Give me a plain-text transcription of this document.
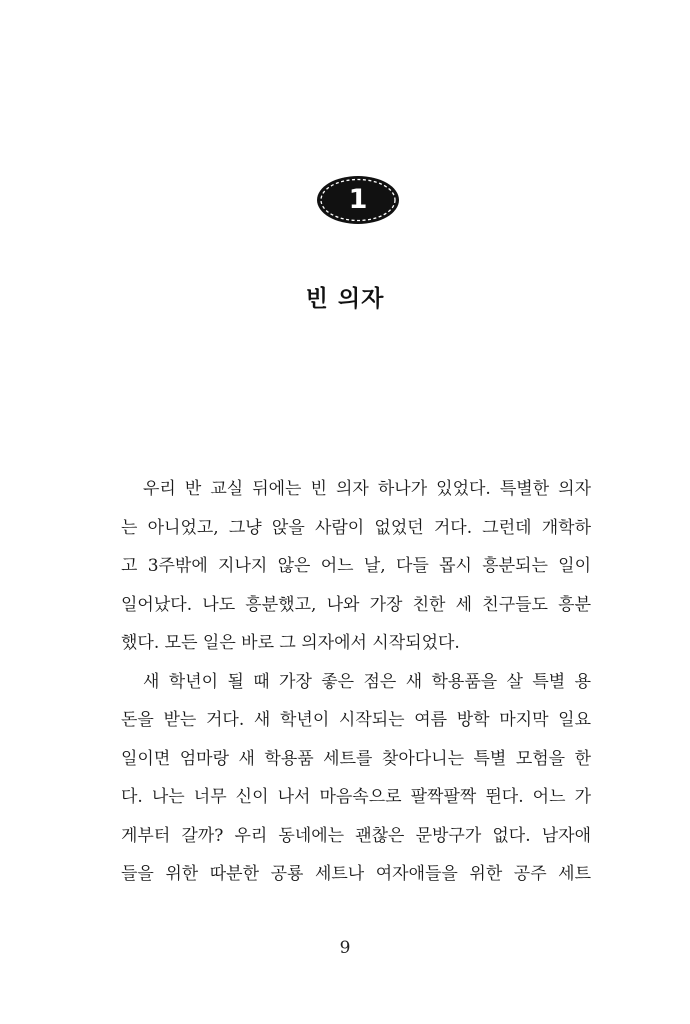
1
빈 의자
우리 반 교실 뒤에는 빈 의자 하나가 있었다. 특별한 의자
는 아니었고, 그냥 앉을 사람이 없었던 거다. 그런데 개학하
고 3주밖에 지나지 않은 어느 날, 다들 몹시 흥분되는 일이
일어났다. 나도 흥분했고, 나와 가장 친한 세 친구들도 흥분
했다. 모든 일은 바로 그 의자에서 시작되었다.
새 학년이 될 때 가장 좋은 점은 새 학용품을 살 특별 용
돈을 받는 거다. 새 학년이 시작되는 여름 방학 마지막 일요
일이면 엄마랑 새 학용품 세트를 찾아다니는 특별 모험을 한
다. 나는 너무 신이 나서 마음속으로 팔짝팔짝 뛴다. 어느 가
게부터 갈까? 우리 동네에는 괜찮은 문방구가 없다. 남자애
들을 위한 따분한 공룡 세트나 여자애들을 위한 공주 세트
9
